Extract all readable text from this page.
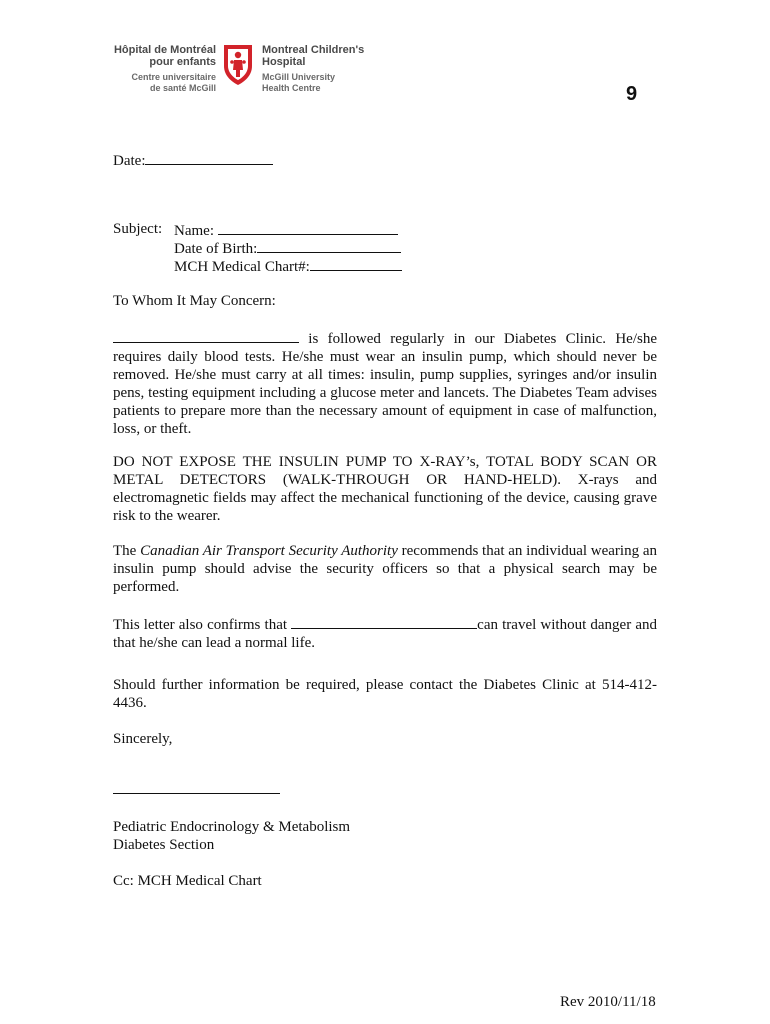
Hôpital de Montréal
pour enfants
Centre universitaire
de santé McGill
Montreal Children's
Hospital
McGill University
Health Centre	9
Date:
Subject: Name:
Date of Birth:
MCH Medical Chart#:
To Whom It May Concern:
is followed regularly in our Diabetes Clinic. He/she requires daily blood tests. He/she must wear an insulin pump, which should never be removed. He/she must carry at all times: insulin, pump supplies, syringes and/or insulin pens, testing equipment including a glucose meter and lancets. The Diabetes Team advises patients to prepare more than the necessary amount of equipment in case of malfunction, loss, or theft.
DO NOT EXPOSE THE INSULIN PUMP TO X-RAY’s, TOTAL BODY SCAN OR METAL DETECTORS (WALK-THROUGH OR HAND-HELD). X-rays and electromagnetic fields may affect the mechanical functioning of the device, causing grave risk to the wearer.
The Canadian Air Transport Security Authority recommends that an individual wearing an insulin pump should advise the security officers so that a physical search may be performed.
This letter also confirms that	can travel without danger and that he/she can lead a normal life.
Should further information be required, please contact the Diabetes Clinic at 514-412-4436.
Sincerely,
Pediatric Endocrinology & Metabolism
Diabetes Section
Cc: MCH Medical Chart
Rev 2010/11/18
